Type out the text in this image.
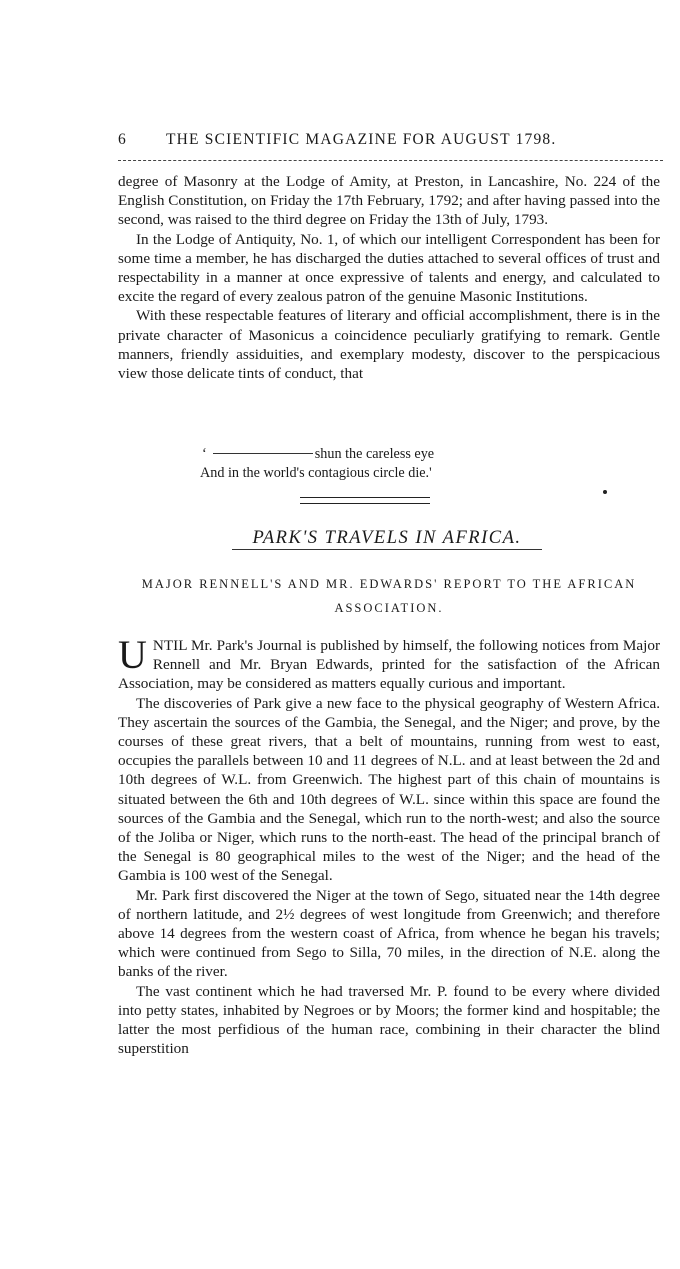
6	THE SCIENTIFIC MAGAZINE FOR AUGUST 1798.

degree of Masonry at the Lodge of Amity, at Preston, in Lancashire, No. 224 of the English Constitution, on Friday the 17th February, 1792; and after having passed into the second, was raised to the third degree on Friday the 13th of July, 1793.

In the Lodge of Antiquity, No. 1, of which our intelligent Correspondent has been for some time a member, he has discharged the duties attached to several offices of trust and respectability in a manner at once expressive of talents and energy, and calculated to excite the regard of every zealous patron of the genuine Masonic Institutions.

With these respectable features of literary and official accomplishment, there is in the private character of Masonicus a coincidence peculiarly gratifying to remark. Gentle manners, friendly assiduities, and exemplary modesty, discover to the perspicacious view those delicate tints of conduct, that

‘	shun the careless eye
And in the world's contagious circle die.'
PARK'S TRAVELS IN AFRICA.
MAJOR RENNELL'S AND MR. EDWARDS' REPORT TO THE AFRICAN ASSOCIATION.

UNTIL Mr. Park's Journal is published by himself, the following notices from Major Rennell and Mr. Bryan Edwards, printed for the satisfaction of the African Association, may be considered as matters equally curious and important.

The discoveries of Park give a new face to the physical geography of Western Africa. They ascertain the sources of the Gambia, the Senegal, and the Niger; and prove, by the courses of these great rivers, that a belt of mountains, running from west to east, occupies the parallels between 10 and 11 degrees of N.L. and at least between the 2d and 10th degrees of W.L. from Greenwich. The highest part of this chain of mountains is situated between the 6th and 10th degrees of W.L. since within this space are found the sources of the Gambia and the Senegal, which run to the north-west; and also the source of the Joliba or Niger, which runs to the north-east. The head of the principal branch of the Senegal is 80 geographical miles to the west of the Niger; and the head of the Gambia is 100 west of the Senegal.

Mr. Park first discovered the Niger at the town of Sego, situated near the 14th degree of northern latitude, and 2½ degrees of west longitude from Greenwich; and therefore above 14 degrees from the western coast of Africa, from whence he began his travels; which were continued from Sego to Silla, 70 miles, in the direction of N.E. along the banks of the river.

The vast continent which he had traversed Mr. P. found to be every where divided into petty states, inhabited by Negroes or by Moors; the former kind and hospitable; the latter the most perfidious of the human race, combining in their character the blind superstition
